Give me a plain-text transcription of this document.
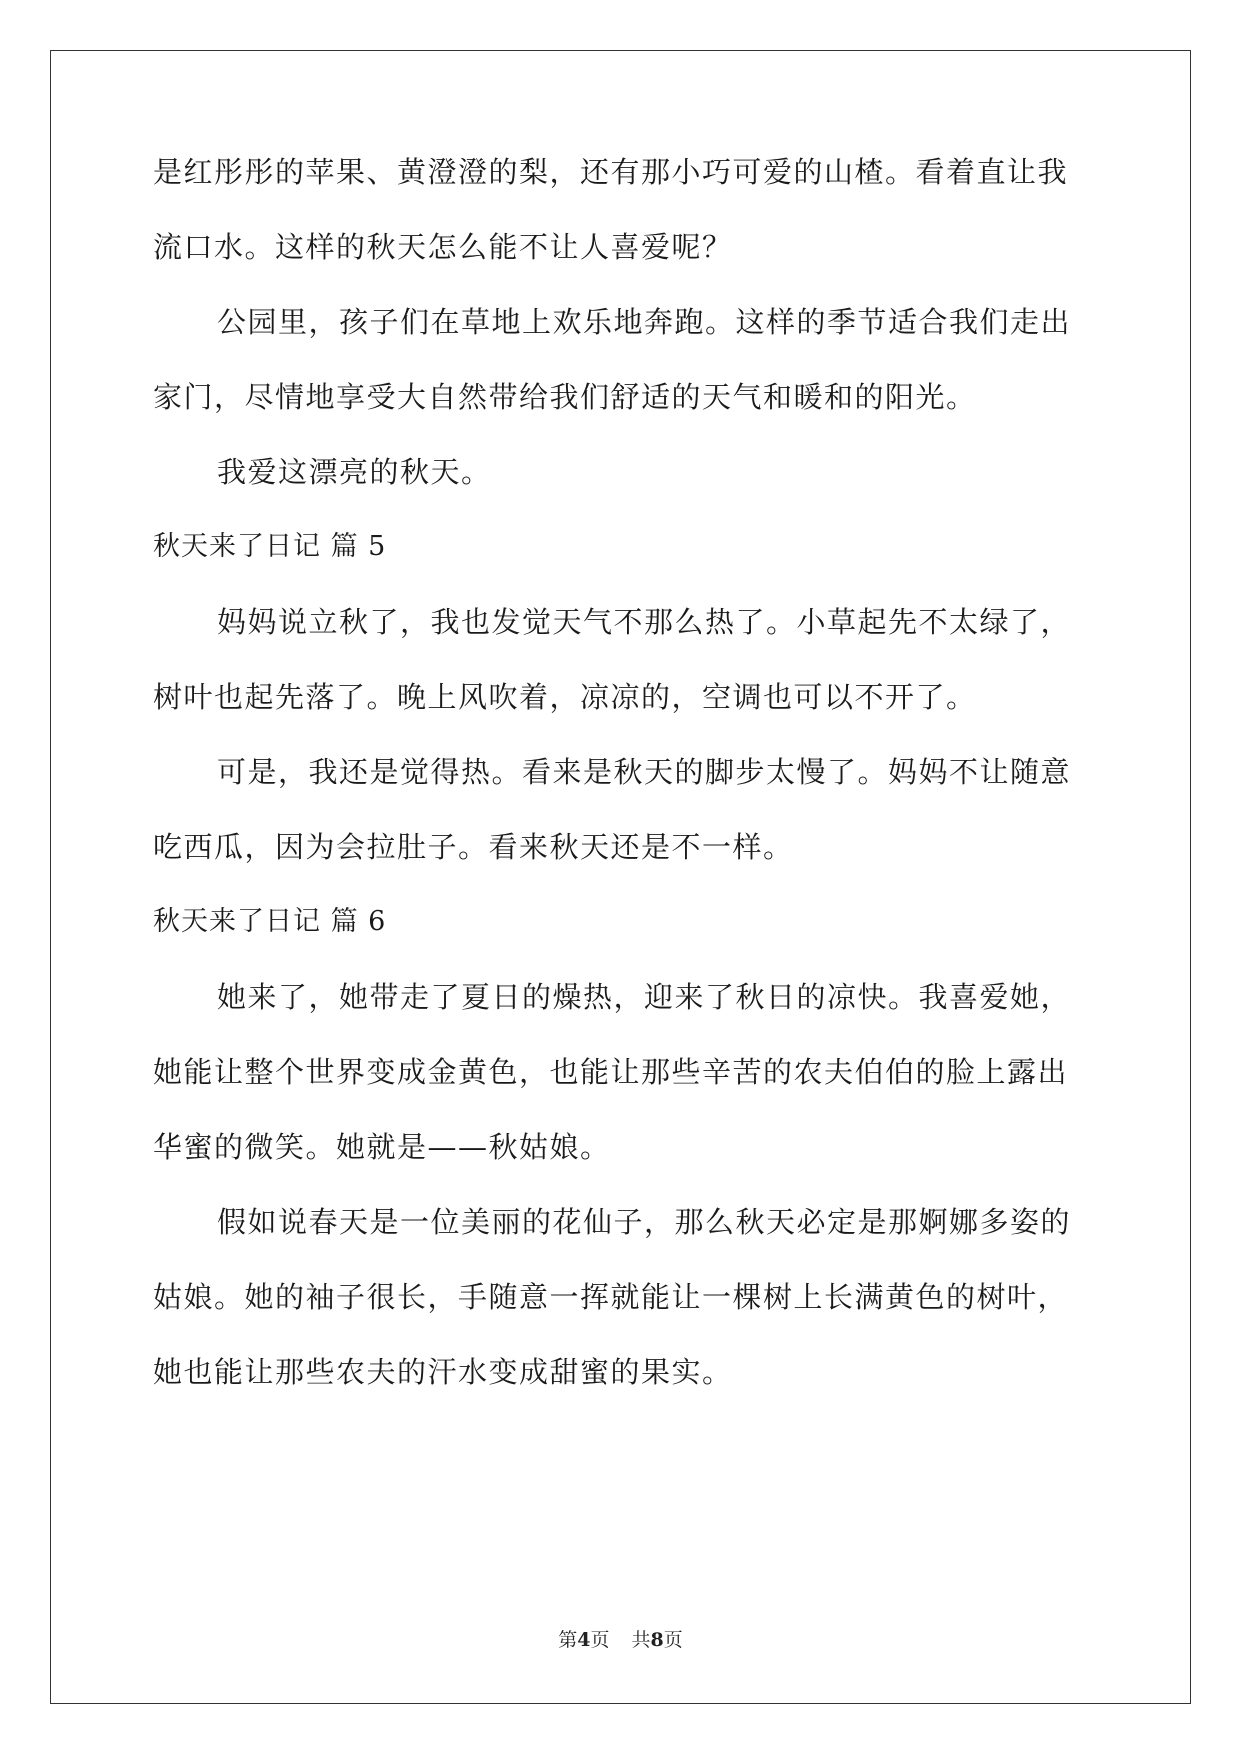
是红彤彤的苹果、黄澄澄的梨，还有那小巧可爱的山楂。看着直让我
流口水。这样的秋天怎么能不让人喜爱呢？
公园里，孩子们在草地上欢乐地奔跑。这样的季节适合我们走出
家门，尽情地享受大自然带给我们舒适的天气和暖和的阳光。
我爱这漂亮的秋天。
秋天来了日记 篇 5
妈妈说立秋了，我也发觉天气不那么热了。小草起先不太绿了，
树叶也起先落了。晚上风吹着，凉凉的，空调也可以不开了。
可是，我还是觉得热。看来是秋天的脚步太慢了。妈妈不让随意
吃西瓜，因为会拉肚子。看来秋天还是不一样。
秋天来了日记 篇 6
她来了，她带走了夏日的燥热，迎来了秋日的凉快。我喜爱她，
她能让整个世界变成金黄色，也能让那些辛苦的农夫伯伯的脸上露出
华蜜的微笑。她就是——秋姑娘。
假如说春天是一位美丽的花仙子，那么秋天必定是那婀娜多姿的
姑娘。她的袖子很长，手随意一挥就能让一棵树上长满黄色的树叶，
她也能让那些农夫的汗水变成甜蜜的果实。
第4页 共8页
